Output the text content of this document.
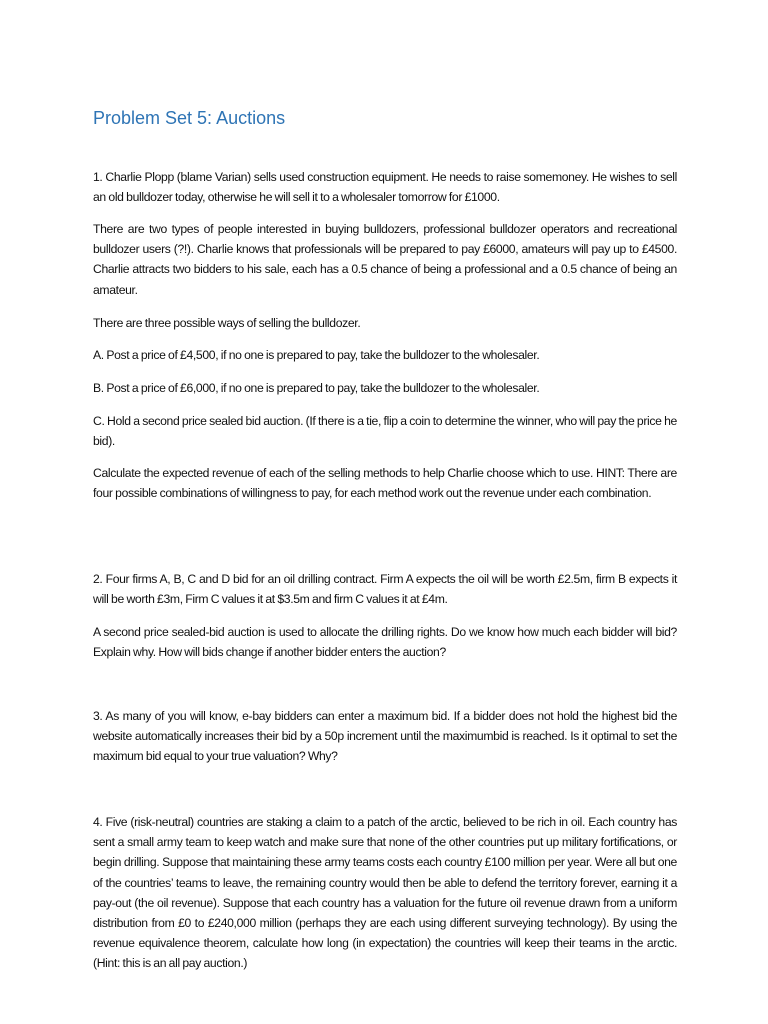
Problem Set 5: Auctions

1. Charlie Plopp (blame Varian) sells used construction equipment. He needs to raise somemoney. He wishes to sell an old bulldozer today, otherwise he will sell it to a wholesaler tomorrow for £1000.

There are two types of people interested in buying bulldozers, professional bulldozer operators and recreational bulldozer users (?!). Charlie knows that professionals will be prepared to pay £6000, amateurs will pay up to £4500. Charlie attracts two bidders to his sale, each has a 0.5 chance of being a professional and a 0.5 chance of being an amateur.

There are three possible ways of selling the bulldozer.

A. Post a price of £4,500, if no one is prepared to pay, take the bulldozer to the wholesaler.

B. Post a price of £6,000, if no one is prepared to pay, take the bulldozer to the wholesaler.

C. Hold a second price sealed bid auction. (If there is a tie, flip a coin to determine the winner, who will pay the price he bid).

Calculate the expected revenue of each of the selling methods to help Charlie choose which to use. HINT: There are four possible combinations of willingness to pay, for each method work out the revenue under each combination.

2. Four firms A, B, C and D bid for an oil drilling contract. Firm A expects the oil will be worth £2.5m, firm B expects it will be worth £3m, Firm C values it at $3.5m and firm C values it at £4m.

A second price sealed-bid auction is used to allocate the drilling rights. Do we know how much each bidder will bid? Explain why. How will bids change if another bidder enters the auction?

3. As many of you will know, e-bay bidders can enter a maximum bid. If a bidder does not hold the highest bid the website automatically increases their bid by a 50p increment until the maximumbid is reached. Is it optimal to set the maximum bid equal to your true valuation? Why?

4. Five (risk-neutral) countries are staking a claim to a patch of the arctic, believed to be rich in oil. Each country has sent a small army team to keep watch and make sure that none of the other countries put up military fortifications, or begin drilling. Suppose that maintaining these army teams costs each country £100 million per year. Were all but one of the countries’ teams to leave, the remaining country would then be able to defend the territory forever, earning it a pay-out (the oil revenue). Suppose that each country has a valuation for the future oil revenue drawn from a uniform distribution from £0 to £240,000 million (perhaps they are each using different surveying technology). By using the revenue equivalence theorem, calculate how long (in expectation) the countries will keep their teams in the arctic. (Hint: this is an all pay auction.)
